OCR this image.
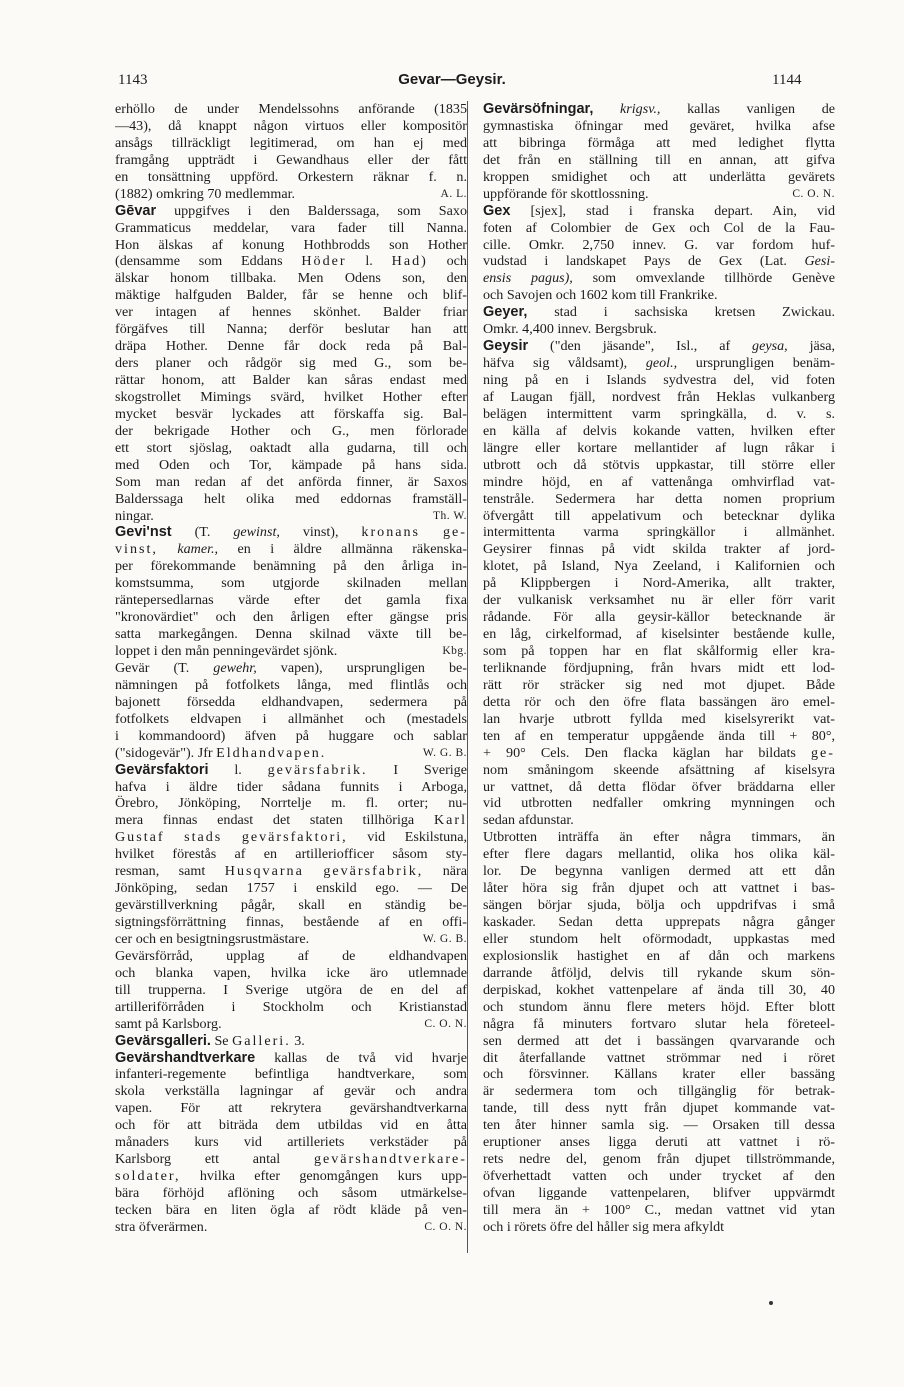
1143	Gevar—Geysir.	1144
erhöllo de under Mendelssohns anförande (1835
—43), då knappt någon virtuos eller kompositör
ansågs tillräckligt legitimerad, om han ej med
framgång uppträdt i Gewandhaus eller der fått
en tonsättning uppförd. Orkestern räknar f. n.
(1882) omkring 70 medlemmar.	A. L.
Gēvar uppgifves i den Balderssaga, som Saxo
Grammaticus meddelar, vara fader till Nanna.
Hon älskas af konung Hothbrodds son Hother
(densamme som Eddans Höder l. Had) och
älskar honom tillbaka. Men Odens son, den
mäktige halfguden Balder, får se henne och blif-
ver intagen af hennes skönhet. Balder friar
förgäfves till Nanna; derför beslutar han att
dräpa Hother. Denne får dock reda på Bal-
ders planer och rådgör sig med G., som be-
rättar honom, att Balder kan såras endast med
skogstrollet Mimings svärd, hvilket Hother efter
mycket besvär lyckades att förskaffa sig. Bal-
der bekrigade Hother och G., men förlorade
ett stort sjöslag, oaktadt alla gudarna, till och
med Oden och Tor, kämpade på hans sida.
Som man redan af det anförda finner, är Saxos
Balderssaga helt olika med eddornas framställ-
ningar.	Th. W.
Gevi'nst (T. gewinst, vinst), kronans ge-
vinst, kamer., en i äldre allmänna räkenska-
per förekommande benämning på den årliga in-
komstsumma, som utgjorde skilnaden mellan
räntepersedlarnas värde efter det gamla fixa
"kronovärdiet" och den årligen efter gängse pris
satta markegången. Denna skilnad växte till be-
loppet i den mån penningevärdet sjönk.	Kbg.
Gevär (T. gewehr, vapen), ursprungligen be-
nämningen på fotfolkets långa, med flintlås och
bajonett försedda eldhandvapen, sedermera på
fotfolkets eldvapen i allmänhet och (mestadels
i kommandoord) äfven på huggare och sablar
("sidogevär"). Jfr Eldhandvapen.	W. G. B.
Gevärsfaktori l. gevärsfabrik. I Sverige
hafva i äldre tider sådana funnits i Arboga,
Örebro, Jönköping, Norrtelje m. fl. orter; nu-
mera finnas endast det staten tillhöriga Karl
Gustaf stads gevärsfaktori, vid Eskilstuna,
hvilket förestås af en artilleriofficer såsom sty-
resman, samt Husqvarna gevärsfabrik, nära
Jönköping, sedan 1757 i enskild ego. — De
gevärstillverkning pågår, skall en ständig be-
sigtningsförrättning finnas, bestående af en offi-
cer och en besigtningsrustmästare.	W. G. B.
Gevärsförråd, upplag af de eldhandvapen
och blanka vapen, hvilka icke äro utlemnade
till trupperna. I Sverige utgöra de en del af
artilleriförråden i Stockholm och Kristianstad
samt på Karlsborg.	C. O. N.
Gevärsgalleri. Se Galleri. 3.
Gevärshandtverkare kallas de två vid hvarje
infanteri-regemente befintliga handtverkare, som
skola verkställa lagningar af gevär och andra
vapen. För att rekrytera gevärshandtverkarna
och för att biträda dem utbildas vid en åtta
månaders kurs vid artilleriets verkstäder på
Karlsborg ett antal gevärshandtverkare-
soldater, hvilka efter genomgången kurs upp-
bära förhöjd aflöning och såsom utmärkelse-
tecken bära en liten ögla af rödt kläde på ven-
stra öfverärmen.	C. O. N.
Gevärsöfningar, krigsv., kallas vanligen de
gymnastiska öfningar med geväret, hvilka afse
att bibringa förmåga att med ledighet flytta
det från en ställning till en annan, att gifva
kroppen smidighet och att underlätta gevärets
uppförande för skottlossning.	C. O. N.
Gex [sjex], stad i franska depart. Ain, vid
foten af Colombier de Gex och Col de la Fau-
cille. Omkr. 2,750 innev. G. var fordom huf-
vudstad i landskapet Pays de Gex (Lat. Gesi-
ensis pagus), som omvexlande tillhörde Genève
och Savojen och 1602 kom till Frankrike.
Geyer, stad i sachsiska kretsen Zwickau.
Omkr. 4,400 innev. Bergsbruk.
Geysir ("den jäsande", Isl., af geysa, jäsa,
häfva sig våldsamt), geol., ursprungligen benäm-
ning på en i Islands sydvestra del, vid foten
af Laugan fjäll, nordvest från Heklas vulkanberg
belägen intermittent varm springkälla, d. v. s.
en källa af delvis kokande vatten, hvilken efter
längre eller kortare mellantider af lugn råkar i
utbrott och då stötvis uppkastar, till större eller
mindre höjd, en af vattenånga omhvirflad vat-
tenstråle. Sedermera har detta nomen proprium
öfvergått till appelativum och betecknar dylika
intermittenta varma springkällor i allmänhet.
Geysirer finnas på vidt skilda trakter af jord-
klotet, på Island, Nya Zeeland, i Kalifornien och
på Klippbergen i Nord-Amerika, allt trakter,
der vulkanisk verksamhet nu är eller förr varit
rådande. För alla geysir-källor betecknande är
en låg, cirkelformad, af kiselsinter bestående kulle,
som på toppen har en flat skålformig eller kra-
terliknande fördjupning, från hvars midt ett lod-
rätt rör sträcker sig ned mot djupet. Både
detta rör och den öfre flata bassängen äro emel-
lan hvarje utbrott fyllda med kiselsyrerikt vat-
ten af en temperatur uppgående ända till + 80°,
+ 90° Cels. Den flacka käglan har bildats ge-
nom småningom skeende afsättning af kiselsyra
ur vattnet, då detta flödar öfver bräddarna eller
vid utbrotten nedfaller omkring mynningen och
sedan afdunstar.
Utbrotten inträffa än efter några timmars, än
efter flere dagars mellantid, olika hos olika käl-
lor. De begynna vanligen dermed att ett dån
låter höra sig från djupet och att vattnet i bas-
sängen börjar sjuda, bölja och uppdrifvas i små
kaskader. Sedan detta upprepats några gånger
eller stundom helt oförmodadt, uppkastas med
explosionslik hastighet en af dån och markens
darrande åtföljd, delvis till rykande skum sön-
derpiskad, kokhet vattenpelare af ända till 30, 40
och stundom ännu flere meters höjd. Efter blott
några få minuters fortvaro slutar hela företeel-
sen dermed att det i bassängen qvarvarande och
dit återfallande vattnet strömmar ned i röret
och försvinner. Källans krater eller bassäng
är sedermera tom och tillgänglig för betrak-
tande, till dess nytt från djupet kommande vat-
ten åter hinner samla sig. — Orsaken till dessa
eruptioner anses ligga deruti att vattnet i rö-
rets nedre del, genom från djupet tillströmmande,
öfverhettadt vatten och under trycket af den
ofvan liggande vattenpelaren, blifver uppvärmdt
till mera än + 100° C., medan vattnet vid ytan
och i rörets öfre del håller sig mera afkyldt
